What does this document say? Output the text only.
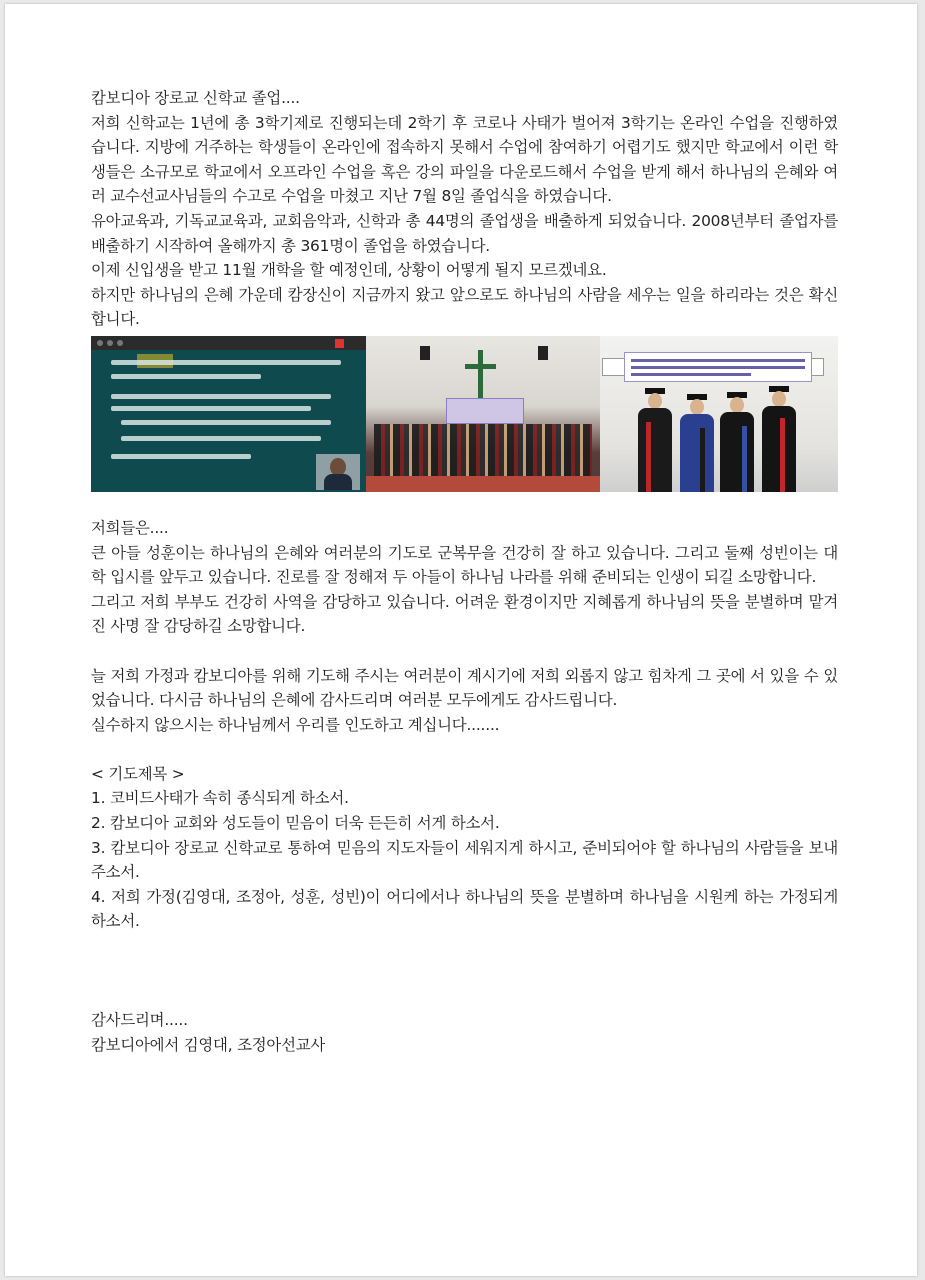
캄보디아 장로교 신학교 졸업....

저희 신학교는 1년에 총 3학기제로 진행되는데 2학기 후 코로나 사태가 벌어져 3학기는 온라인 수업을 진행하였습니다. 지방에 거주하는 학생들이 온라인에 접속하지 못해서 수업에 참여하기 어렵기도 했지만 학교에서 이런 학생들은 소규모로 학교에서 오프라인 수업을 혹은 강의 파일을 다운로드해서 수업을 받게 해서 하나님의 은혜와 여러 교수선교사님들의 수고로 수업을 마쳤고 지난 7월 8일 졸업식을 하였습니다.

유아교육과, 기독교교육과, 교회음악과, 신학과 총 44명의 졸업생을 배출하게 되었습니다. 2008년부터 졸업자를 배출하기 시작하여 올해까지 총 361명이 졸업을 하였습니다.

이제 신입생을 받고 11월 개학을 할 예정인데, 상황이 어떻게 될지 모르겠네요.

하지만 하나님의 은혜 가운데 캄장신이 지금까지 왔고 앞으로도 하나님의 사람을 세우는 일을 하리라는 것은 확신합니다.

저희들은....

큰 아들 성훈이는 하나님의 은혜와 여러분의 기도로 군복무을 건강히 잘 하고 있습니다. 그리고 둘째 성빈이는 대학 입시를 앞두고 있습니다. 진로를 잘 정해져 두 아들이 하나님 나라를 위해 준비되는 인생이 되길 소망합니다.

그리고 저희 부부도 건강히 사역을 감당하고 있습니다. 어려운 환경이지만 지혜롭게 하나님의 뜻을 분별하며 맡겨진 사명 잘 감당하길 소망합니다.

늘 저희 가정과 캄보디아를 위해 기도해 주시는 여러분이 계시기에 저희 외롭지 않고 힘차게 그 곳에 서 있을 수 있었습니다. 다시금 하나님의 은혜에 감사드리며 여러분 모두에게도 감사드립니다.

실수하지 않으시는 하나님께서 우리를 인도하고 계십니다.......

< 기도제목 >

1. 코비드사태가 속히 종식되게 하소서.

2. 캄보디아 교회와 성도들이 믿음이 더욱 든든히 서게 하소서.

3. 캄보디아 장로교 신학교로 통하여 믿음의 지도자들이 세워지게 하시고, 준비되어야 할 하나님의 사람들을 보내주소서.

4. 저희 가정(김영대, 조정아, 성훈, 성빈)이 어디에서나 하나님의 뜻을 분별하며 하나님을 시원케 하는 가정되게 하소서.

감사드리며.....

캄보디아에서 김영대, 조정아선교사
